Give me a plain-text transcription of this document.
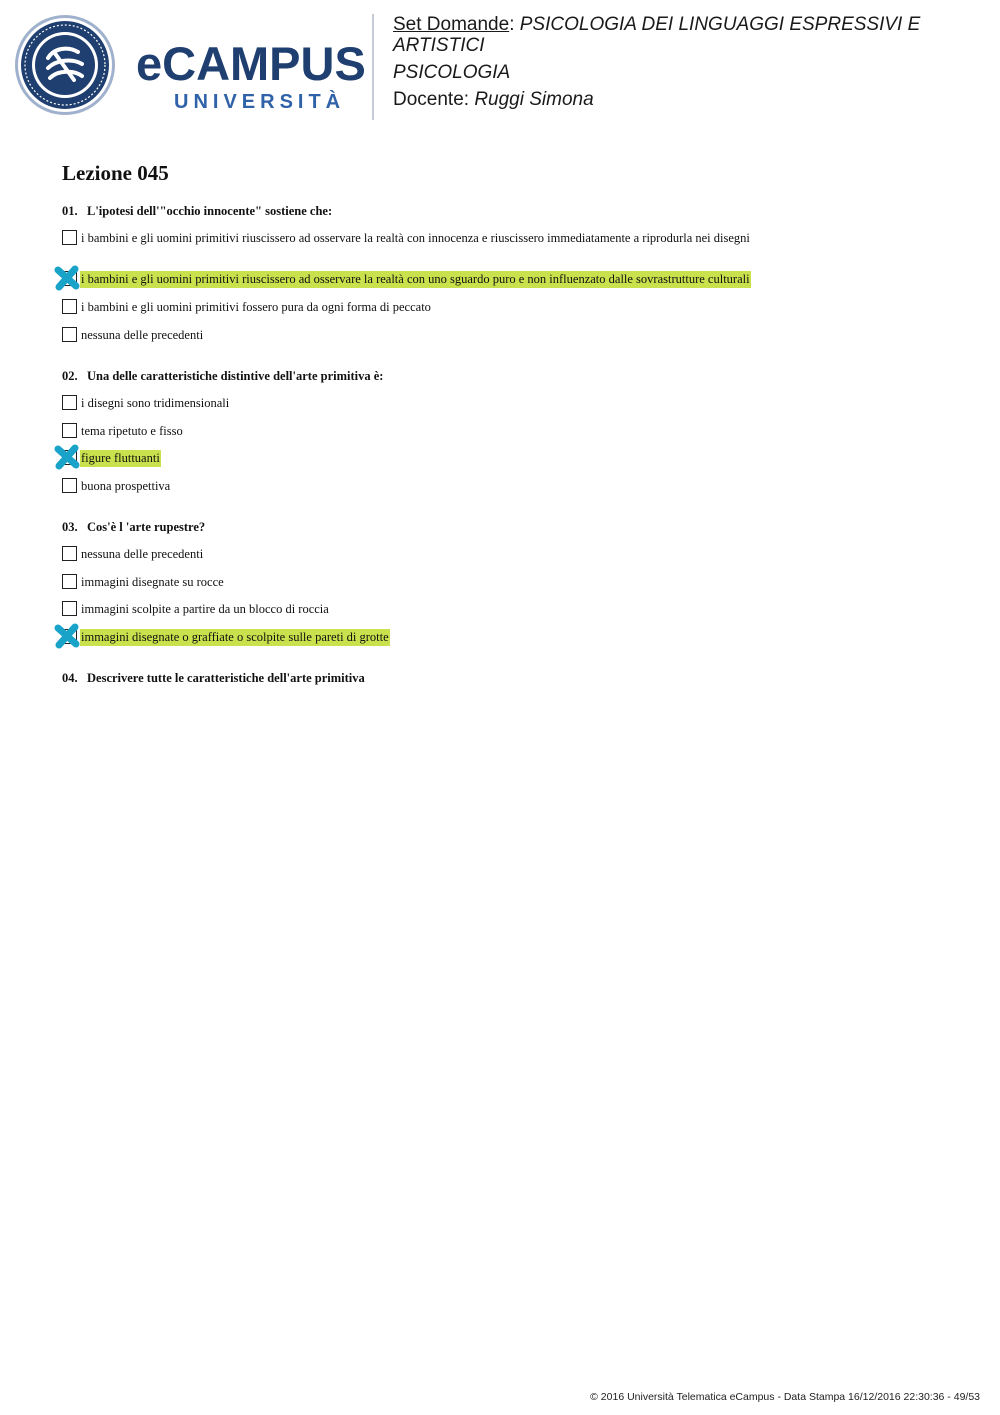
eCAMPUS
UNIVERSITÀ
Set Domande: PSICOLOGIA DEI LINGUAGGI ESPRESSIVI E ARTISTICI
PSICOLOGIA
Docente: Ruggi Simona
Lezione 045
01. L'ipotesi dell'"occhio innocente" sostiene che:
i bambini e gli uomini primitivi riuscissero ad osservare la realtà con innocenza e riuscissero immediatamente a riprodurla nei disegni
i bambini e gli uomini primitivi riuscissero ad osservare la realtà con uno sguardo puro e non influenzato dalle sovrastrutture culturali
i bambini e gli uomini primitivi fossero pura da ogni forma di peccato
nessuna delle precedenti
02. Una delle caratteristiche distintive dell'arte primitiva è:
i disegni sono tridimensionali
tema ripetuto e fisso
figure fluttuanti
buona prospettiva
03. Cos'è l 'arte rupestre?
nessuna delle precedenti
immagini disegnate su rocce
immagini scolpite a partire da un blocco di roccia
immagini disegnate o graffiate o scolpite sulle pareti di grotte
04. Descrivere tutte le caratteristiche dell'arte primitiva
© 2016 Università Telematica eCampus - Data Stampa 16/12/2016 22:30:36 - 49/53
